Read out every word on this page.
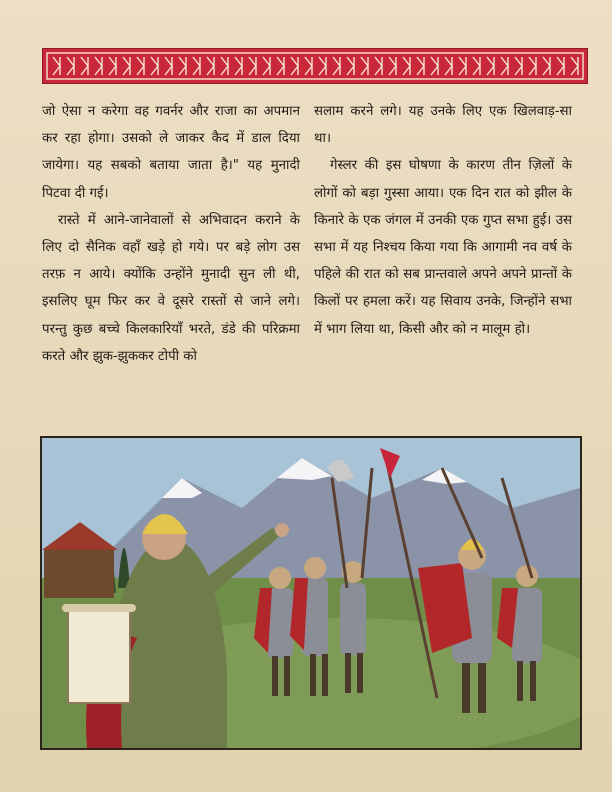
जो ऐसा न करेगा वह गवर्नर और राजा का अपमान कर रहा होगा। उसको ले जाकर कैद में डाल दिया जायेगा। यह सबको बताया जाता है।" यह मुनादी पिटवा दी गई।

रास्ते में आने-जानेवालों से अभिवादन कराने के लिए दो सैनिक वहाँ खड़े हो गये। पर बड़े लोग उस तरफ़ न आये। क्योंकि उन्होंने मुनादी सुन ली थी, इसलिए घूम फिर कर वे दूसरे रास्तों से जाने लगे। परन्तु कुछ बच्चे किलकारियाँ भरते, डंडे की परिक्रमा करते और झुक-झुककर टोपी को

सलाम करने लगे। यह उनके लिए एक खिलवाड़-सा था।

गेस्लर की इस घोषणा के कारण तीन ज़िलों के लोगों को बड़ा गुस्सा आया। एक दिन रात को झील के किनारे के एक जंगल में उनकी एक गुप्त सभा हुई। उस सभा में यह निश्चय किया गया कि आगामी नव वर्ष के पहिले की रात को सब प्रान्तवाले अपने अपने प्रान्तों के किलों पर हमला करें। यह सिवाय उनके, जिन्होंने सभा में भाग लिया था, किसी और को न मालूम हो।
